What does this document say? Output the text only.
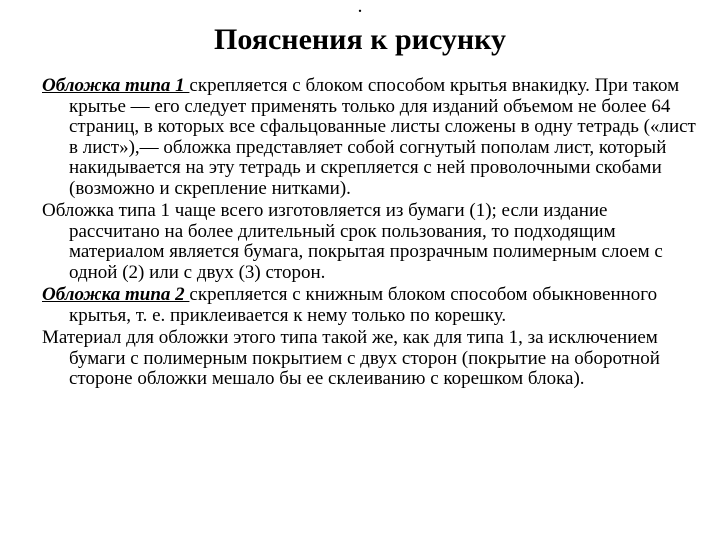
.
Пояснения к рисунку

Обложка типа 1 скрепляется с блоком способом крытья внакидку. При таком крытье — его следует применять только для изданий объемом не более 64 страниц, в которых все сфальцованные листы сложены в одну тетрадь («лист в лист»),— обложка представляет собой согнутый пополам лист, который накидывается на эту тетрадь и скрепляется с ней проволочными скобами (возможно и скрепление нитками).

Обложка типа 1 чаще всего изготовляется из бумаги (1); если издание рассчитано на более длительный срок пользования, то подходящим материалом является бумага, покрытая прозрачным полимерным слоем с одной (2) или с двух (3) сторон.

Обложка типа 2 скрепляется с книжным блоком способом обыкновенного крытья, т. е. приклеивается к нему только по корешку.

Материал для обложки этого типа такой же, как для типа 1, за исключением бумаги с полимерным покрытием с двух сторон (покрытие на оборотной стороне обложки мешало бы ее склеиванию с корешком блока).
